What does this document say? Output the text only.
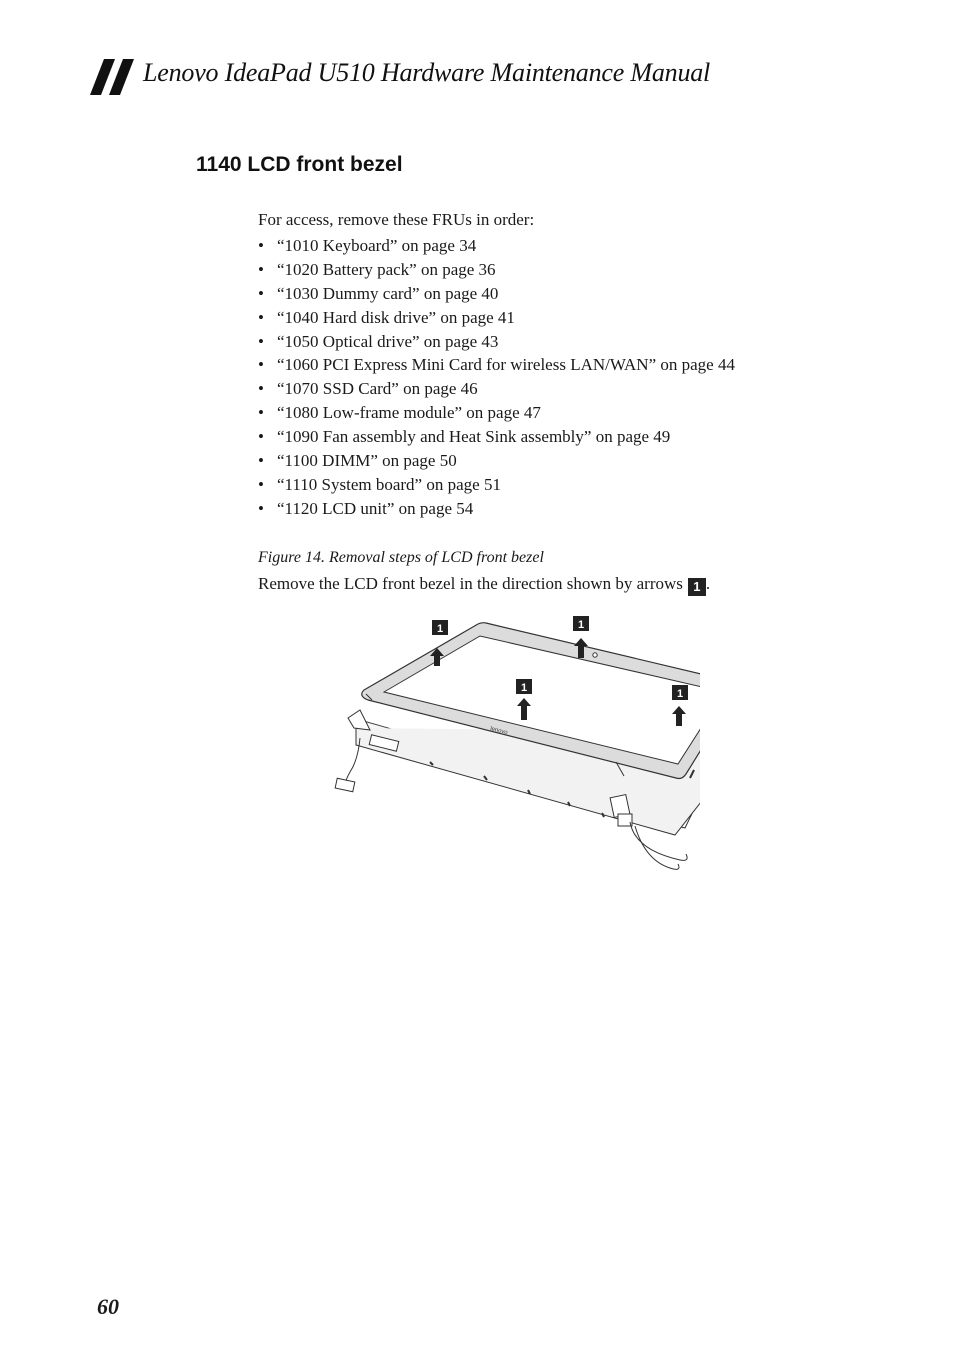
Lenovo IdeaPad U510 Hardware Maintenance Manual
1140 LCD front bezel
For access, remove these FRUs in order:
• “1010 Keyboard” on page 34
• “1020 Battery pack” on page 36
• “1030 Dummy card” on page 40
• “1040 Hard disk drive” on page 41
• “1050 Optical drive” on page 43
• “1060 PCI Express Mini Card for wireless LAN/WAN” on page 44
• “1070 SSD Card” on page 46
• “1080 Low-frame module” on page 47
• “1090 Fan assembly and Heat Sink assembly” on page 49
• “1100 DIMM” on page 50
• “1110 System board” on page 51
• “1120 LCD unit” on page 54
Figure 14. Removal steps of LCD front bezel
Remove the LCD front bezel in the direction shown by arrows 1 .
lenovo
1	1
1	1
60
